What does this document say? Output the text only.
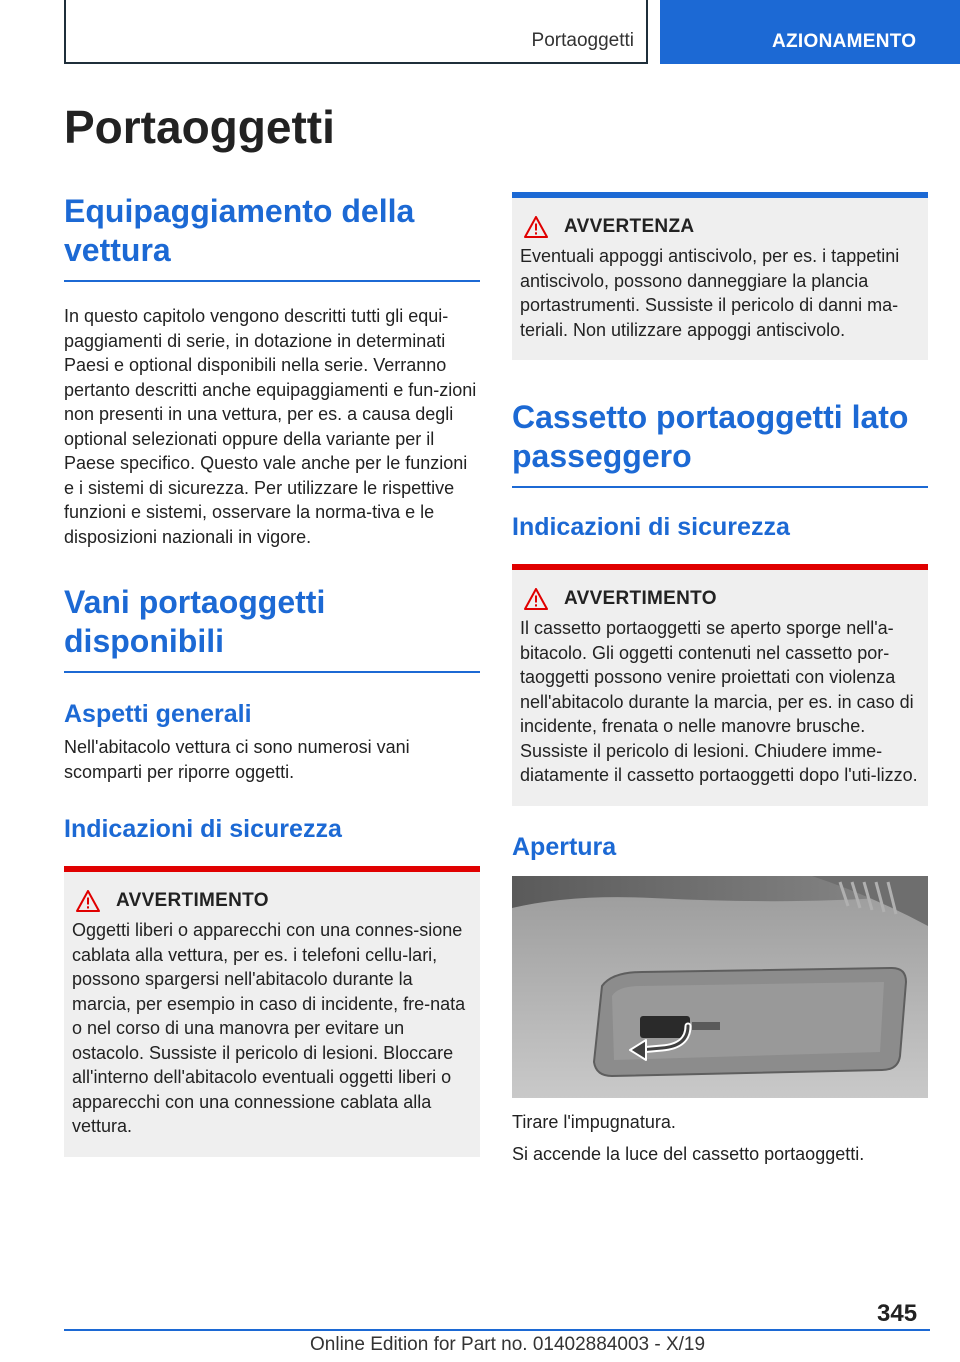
Portaoggetti	AZIONAMENTO
Portaoggetti
Equipaggiamento della vettura

In questo capitolo vengono descritti tutti gli equi-paggiamenti di serie, in dotazione in determinati Paesi e optional disponibili nella serie. Verranno pertanto descritti anche equipaggiamenti e fun-zioni non presenti in una vettura, per es. a causa degli optional selezionati oppure della variante per il Paese specifico. Questo vale anche per le funzioni e i sistemi di sicurezza. Per utilizzare le rispettive funzioni e sistemi, osservare la norma-tiva e le disposizioni nazionali in vigore.

Vani portaoggetti disponibili
Aspetti generali

Nell'abitacolo vettura ci sono numerosi vani scomparti per riporre oggetti.

Indicazioni di sicurezza
AVVERTIMENTO

Oggetti liberi o apparecchi con una connes-sione cablata alla vettura, per es. i telefoni cellu-lari, possono spargersi nell'abitacolo durante la marcia, per esempio in caso di incidente, fre-nata o nel corso di una manovra per evitare un ostacolo. Sussiste il pericolo di lesioni. Bloccare all'interno dell'abitacolo eventuali oggetti liberi o apparecchi con una connessione cablata alla vettura.

AVVERTENZA

Eventuali appoggi antiscivolo, per es. i tappetini antiscivolo, possono danneggiare la plancia portastrumenti. Sussiste il pericolo di danni ma-teriali. Non utilizzare appoggi antiscivolo.

Cassetto portaoggetti lato passeggero
Indicazioni di sicurezza
AVVERTIMENTO

Il cassetto portaoggetti se aperto sporge nell'a-bitacolo. Gli oggetti contenuti nel cassetto por-taoggetti possono venire proiettati con violenza nell'abitacolo durante la marcia, per es. in caso di incidente, frenata o nelle manovre brusche. Sussiste il pericolo di lesioni. Chiudere imme-diatamente il cassetto portaoggetti dopo l'uti-lizzo.

Apertura

Tirare l'impugnatura.

Si accende la luce del cassetto portaoggetti.

345
Online Edition for Part no. 01402884003 - X/19
